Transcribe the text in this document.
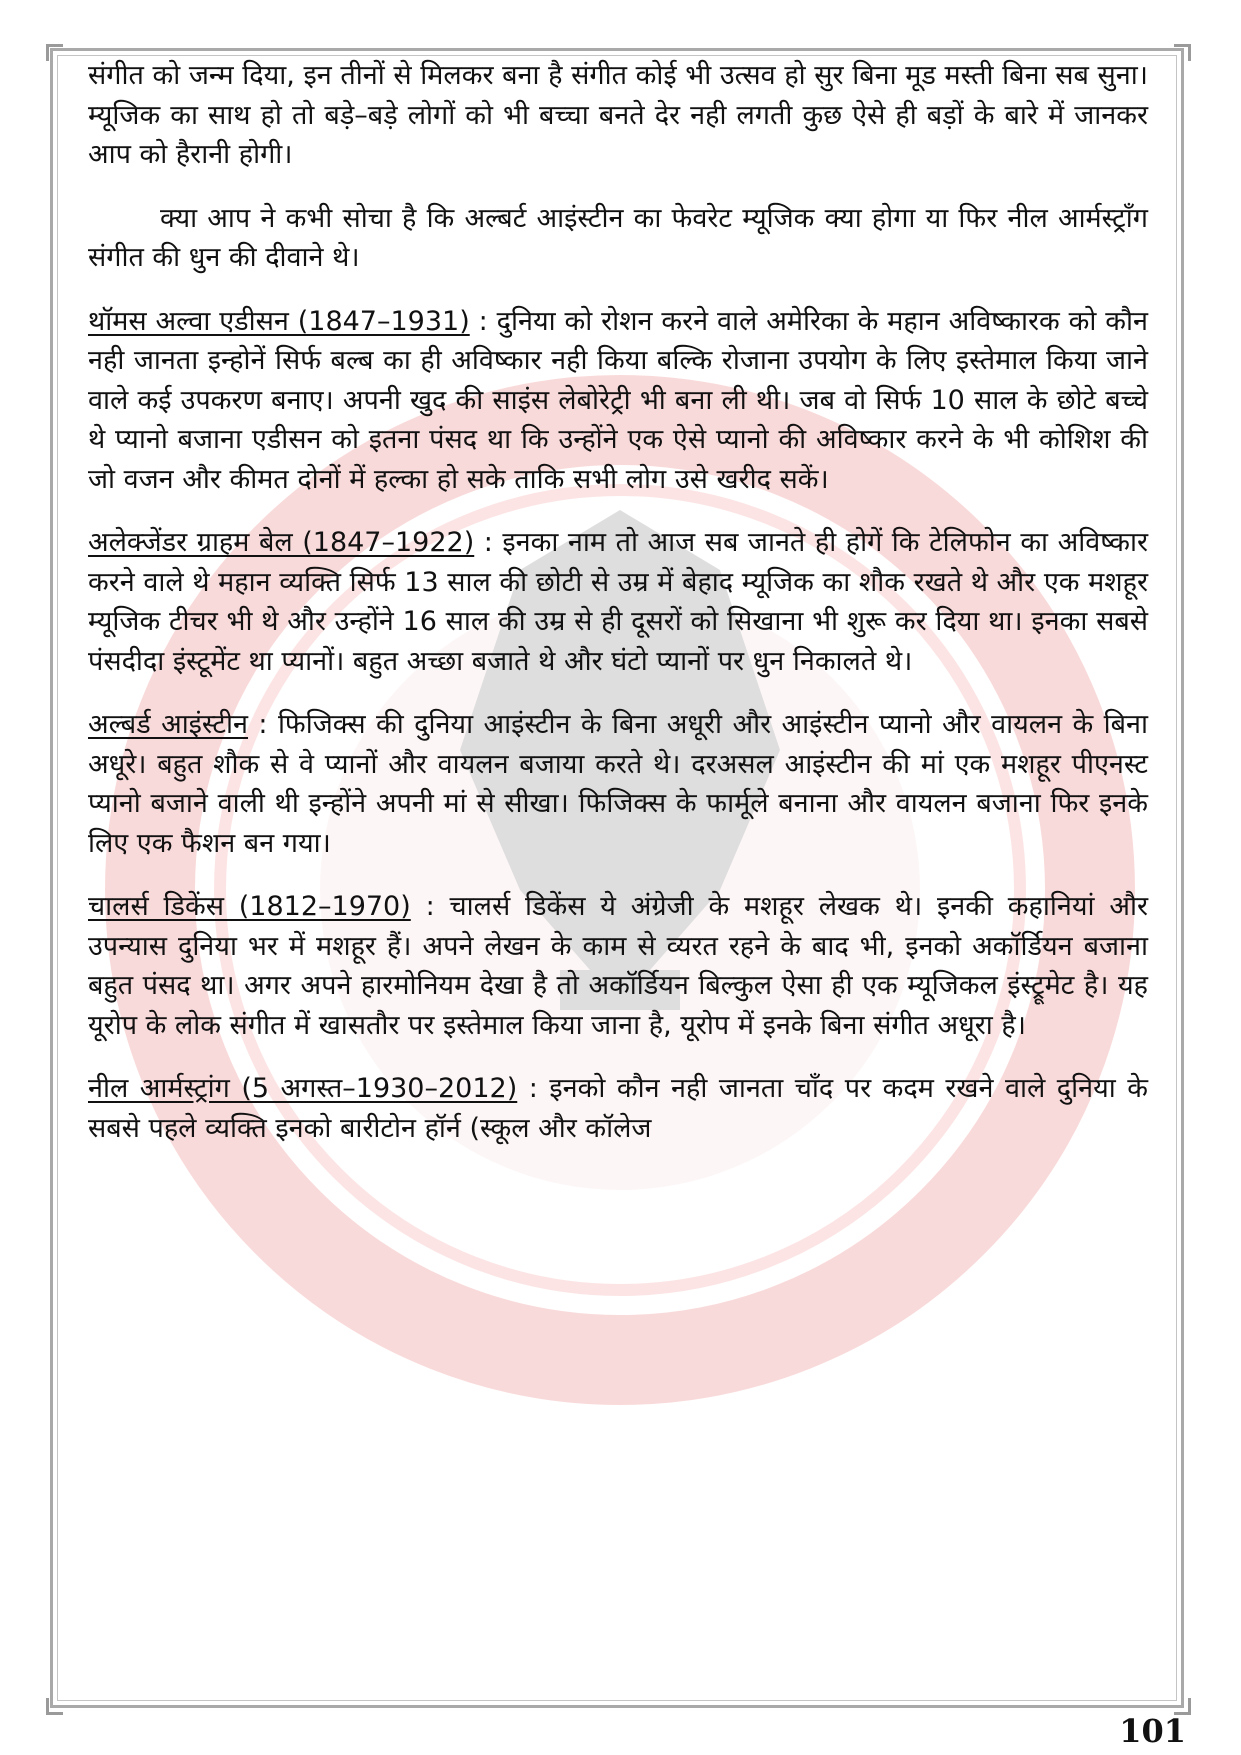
संगीत को जन्म दिया, इन तीनों से मिलकर बना है संगीत कोई भी उत्सव हो सुर बिना मूड मस्ती बिना सब सुना। म्यूजिक का साथ हो तो बड़े–बड़े लोगों को भी बच्चा बनते देर नही लगती कुछ ऐसे ही बड़ों के बारे में जानकर आप को हैरानी होगी।

क्या आप ने कभी सोचा है कि अल्बर्ट आइंस्टीन का फेवरेट म्यूजिक क्या होगा या फिर नील आर्मस्ट्राँग संगीत की धुन की दीवाने थे।

थॉमस अल्वा एडीसन (1847–1931) : दुनिया को रोशन करने वाले अमेरिका के महान अविष्कारक को कौन नही जानता इन्होनें सिर्फ बल्ब का ही अविष्कार नही किया बल्कि रोजाना उपयोग के लिए इस्तेमाल किया जाने वाले कई उपकरण बनाए। अपनी खुद की साइंस लेबोरेट्री भी बना ली थी। जब वो सिर्फ 10 साल के छोटे बच्चे थे प्यानो बजाना एडीसन को इतना पंसद था कि उन्होंने एक ऐसे प्यानो की अविष्कार करने के भी कोशिश की जो वजन और कीमत दोनों में हल्का हो सके ताकि सभी लोग उसे खरीद सकें।

अलेक्जेंडर ग्राहम बेल (1847–1922) : इनका नाम तो आज सब जानते ही होगें कि टेलिफोन का अविष्कार करने वाले थे महान व्यक्ति सिर्फ 13 साल की छोटी से उम्र में बेहाद म्यूजिक का शौक रखते थे और एक मशहूर म्यूजिक टीचर भी थे और उन्होंने 16 साल की उम्र से ही दूसरों को सिखाना भी शुरू कर दिया था। इनका सबसे पंसदीदा इंस्टूमेंट था प्यानों। बहुत अच्छा बजाते थे और घंटो प्यानों पर धुन निकालते थे।

अल्बर्ड आइंस्टीन : फिजिक्स की दुनिया आइंस्टीन के बिना अधूरी और आइंस्टीन प्यानो और वायलन के बिना अधूरे। बहुत शौक से वे प्यानों और वायलन बजाया करते थे। दरअसल आइंस्टीन की मां एक मशहूर पीएनस्ट प्यानो बजाने वाली थी इन्होंने अपनी मां से सीखा। फिजिक्स के फार्मूले बनाना और वायलन बजाना फिर इनके लिए एक फैशन बन गया।

चालर्स डिकेंस (1812–1970) : चालर्स डिकेंस ये अंग्रेजी के मशहूर लेखक थे। इनकी कहानियां और उपन्यास दुनिया भर में मशहूर हैं। अपने लेखन के काम से व्यरत रहने के बाद भी, इनको अकॉर्डियन बजाना बहुत पंसद था। अगर अपने हारमोनियम देखा है तो अकॉर्डियन बिल्कुल ऐसा ही एक म्यूजिकल इंस्ट्रूमेट है। यह यूरोप के लोक संगीत में खासतौर पर इस्तेमाल किया जाना है, यूरोप में इनके बिना संगीत अधूरा है।

नील आर्मस्ट्रांग (5 अगस्त–1930–2012) : इनको कौन नही जानता चाँद पर कदम रखने वाले दुनिया के सबसे पहले व्यक्ति इनको बारीटोन हॉर्न (स्कूल और कॉलेज

101
